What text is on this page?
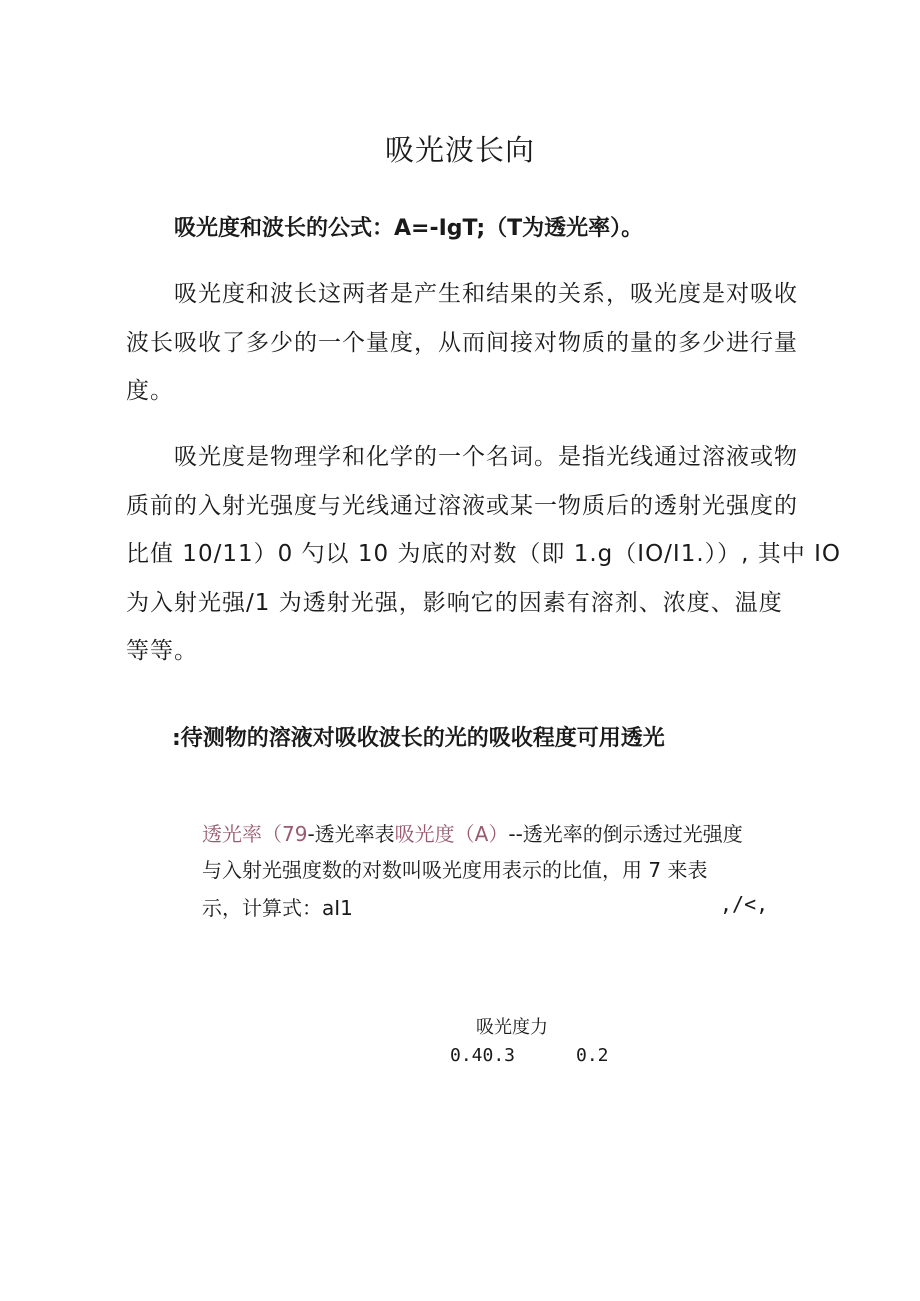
吸光波长向
吸光度和波长的公式：A=-IgT;（T为透光率）。
吸光度和波长这两者是产生和结果的关系，吸光度是对吸收
波长吸收了多少的一个量度，从而间接对物质的量的多少进行量
度。
吸光度是物理学和化学的一个名词。是指光线通过溶液或物
质前的入射光强度与光线通过溶液或某一物质后的透射光强度的
比值 10/11）0 勺以 10 为底的对数（即 1.g（IO/I1.））, 其中 IO
为入射光强/1 为透射光强，影响它的因素有溶剂、浓度、温度
等等。
:待测物的溶液对吸收波长的光的吸收程度可用透光
透光率（79-透光率表吸光度（A）--透光率的倒示透过光强度
与入射光强度数的对数叫吸光度用表示的比值，用 7 来表
示，计算式：aI1	,/<,
吸光度力
0.40.3	0.2
